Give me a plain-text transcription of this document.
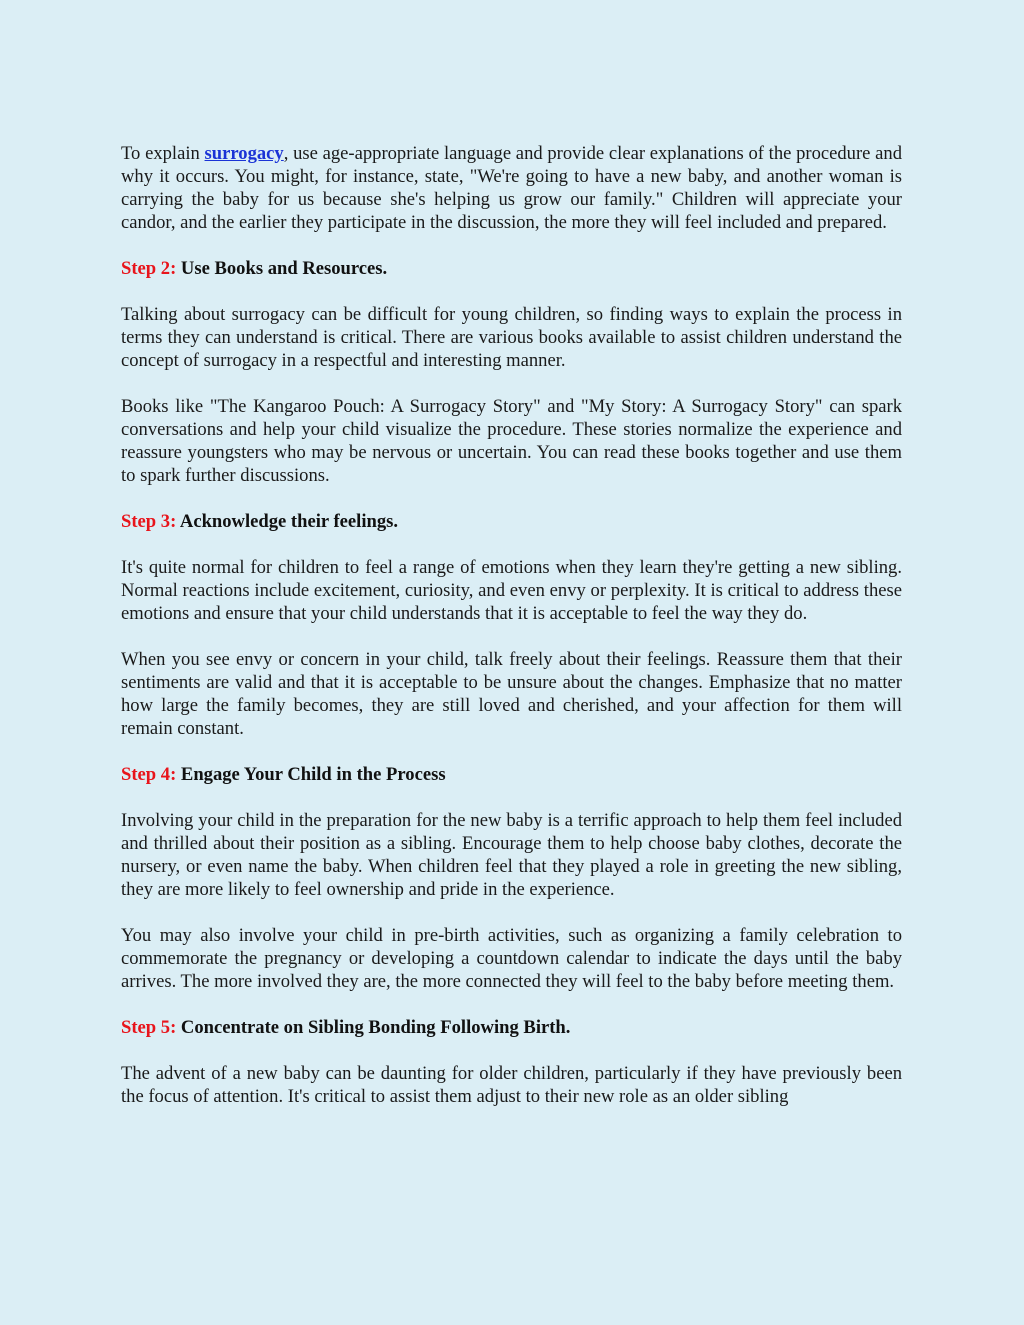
To explain surrogacy, use age-appropriate language and provide clear explanations of the procedure and why it occurs. You might, for instance, state, "We're going to have a new baby, and another woman is carrying the baby for us because she's helping us grow our family." Children will appreciate your candor, and the earlier they participate in the discussion, the more they will feel included and prepared.

Step 2: Use Books and Resources.

Talking about surrogacy can be difficult for young children, so finding ways to explain the process in terms they can understand is critical. There are various books available to assist children understand the concept of surrogacy in a respectful and interesting manner.

Books like "The Kangaroo Pouch: A Surrogacy Story" and "My Story: A Surrogacy Story" can spark conversations and help your child visualize the procedure. These stories normalize the experience and reassure youngsters who may be nervous or uncertain. You can read these books together and use them to spark further discussions.

Step 3: Acknowledge their feelings.

It's quite normal for children to feel a range of emotions when they learn they're getting a new sibling. Normal reactions include excitement, curiosity, and even envy or perplexity. It is critical to address these emotions and ensure that your child understands that it is acceptable to feel the way they do.

When you see envy or concern in your child, talk freely about their feelings. Reassure them that their sentiments are valid and that it is acceptable to be unsure about the changes. Emphasize that no matter how large the family becomes, they are still loved and cherished, and your affection for them will remain constant.

Step 4: Engage Your Child in the Process

Involving your child in the preparation for the new baby is a terrific approach to help them feel included and thrilled about their position as a sibling. Encourage them to help choose baby clothes, decorate the nursery, or even name the baby. When children feel that they played a role in greeting the new sibling, they are more likely to feel ownership and pride in the experience.

You may also involve your child in pre-birth activities, such as organizing a family celebration to commemorate the pregnancy or developing a countdown calendar to indicate the days until the baby arrives. The more involved they are, the more connected they will feel to the baby before meeting them.

Step 5: Concentrate on Sibling Bonding Following Birth.

The advent of a new baby can be daunting for older children, particularly if they have previously been the focus of attention. It's critical to assist them adjust to their new role as an older sibling
